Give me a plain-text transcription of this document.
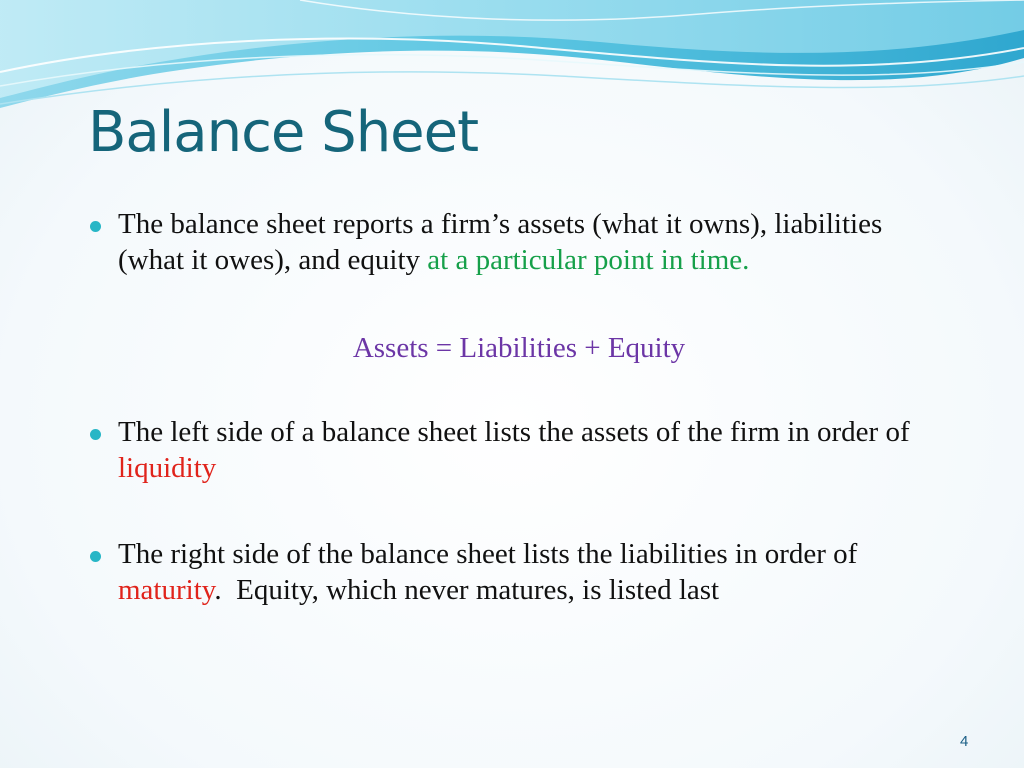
Balance Sheet

The balance sheet reports a firm’s assets (what it owns), liabilities (what it owes), and equity at a particular point in time.

Assets = Liabilities + Equity

The left side of a balance sheet lists the assets of the firm in order of liquidity

The right side of the balance sheet lists the liabilities in order of maturity.  Equity, which never matures, is listed last

4
